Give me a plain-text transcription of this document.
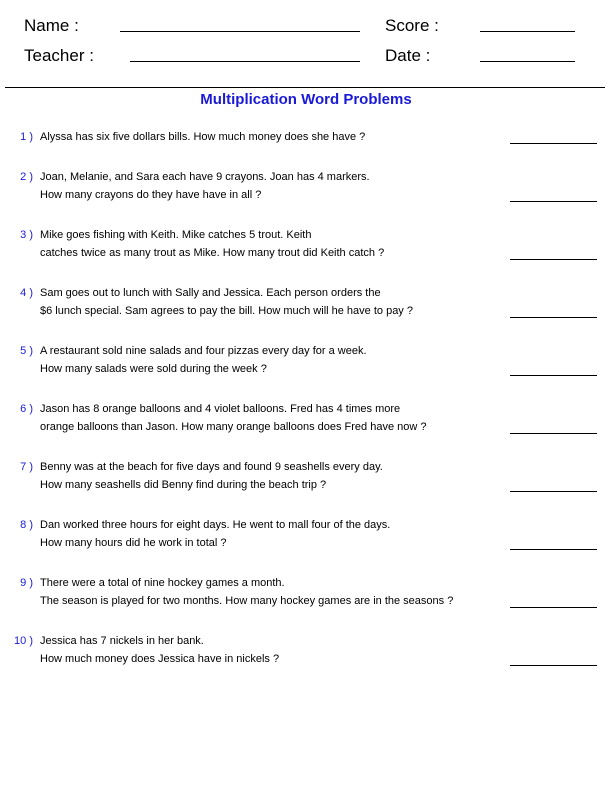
Name :	Score :
Teacher :	Date :
Multiplication Word Problems
1 ) Alyssa has six five dollars bills. How much money does she have ?
2 ) Joan, Melanie, and Sara each have 9 crayons. Joan has 4 markers.
How many crayons do they have have in all ?
3 ) Mike goes fishing with Keith. Mike catches 5 trout. Keith
catches twice as many trout as Mike. How many trout did Keith catch ?
4 ) Sam goes out to lunch with Sally and Jessica. Each person orders the
$6 lunch special. Sam agrees to pay the bill. How much will he have to pay ?
5 ) A restaurant sold nine salads and four pizzas every day for a week.
How many salads were sold during the week ?
6 ) Jason has 8 orange balloons and 4 violet balloons. Fred has 4 times more
orange balloons than Jason. How many orange balloons does Fred have now ?
7 ) Benny was at the beach for five days and found 9 seashells every day.
How many seashells did Benny find during the beach trip ?
8 ) Dan worked three hours for eight days. He went to mall four of the days.
How many hours did he work in total ?
9 ) There were a total of nine hockey games a month.
The season is played for two months. How many hockey games are in the seasons ?
10 ) Jessica has 7 nickels in her bank.
How much money does Jessica have in nickels ?
